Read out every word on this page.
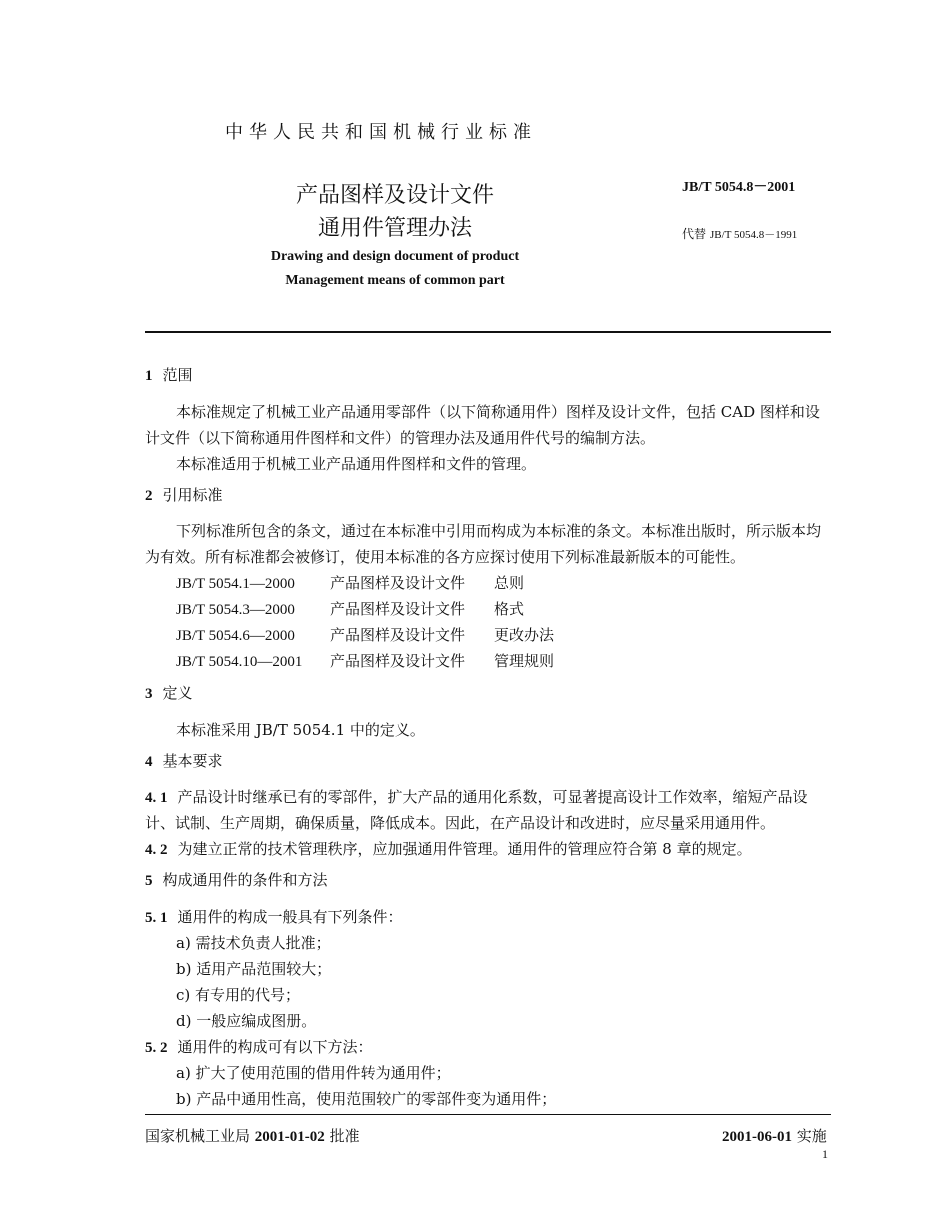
中华人民共和国机械行业标准
JB/T 5054.8－2001
代替 JB/T 5054.8－1991
产品图样及设计文件
通用件管理办法
Drawing and design document of product
Management means of common part
1 范围
本标准规定了机械工业产品通用零部件（以下简称通用件）图样及设计文件，包括 CAD 图样和设
计文件（以下简称通用件图样和文件）的管理办法及通用件代号的编制方法。
本标准适用于机械工业产品通用件图样和文件的管理。
2 引用标准
下列标准所包含的条文，通过在本标准中引用而构成为本标准的条文。本标准出版时，所示版本均
为有效。所有标准都会被修订，使用本标准的各方应探讨使用下列标准最新版本的可能性。
JB/T 5054.1—2000 产品图样及设计文件 总则
JB/T 5054.3—2000 产品图样及设计文件 格式
JB/T 5054.6—2000 产品图样及设计文件 更改办法
JB/T 5054.10—2001 产品图样及设计文件 管理规则
3 定义
本标准采用 JB/T 5054.1 中的定义。
4 基本要求
4. 1 产品设计时继承已有的零部件，扩大产品的通用化系数，可显著提高设计工作效率，缩短产品设
计、试制、生产周期，确保质量，降低成本。因此，在产品设计和改进时，应尽量采用通用件。
4. 2 为建立正常的技术管理秩序，应加强通用件管理。通用件的管理应符合第 8 章的规定。
5 构成通用件的条件和方法
5. 1 通用件的构成一般具有下列条件：
a) 需技术负责人批准；
b) 适用产品范围较大；
c) 有专用的代号；
d) 一般应编成图册。
5. 2 通用件的构成可有以下方法：
a) 扩大了使用范围的借用件转为通用件；
b) 产品中通用性高，使用范围较广的零部件变为通用件；
国家机械工业局 2001-01-02 批准	2001-06-01 实施
1
